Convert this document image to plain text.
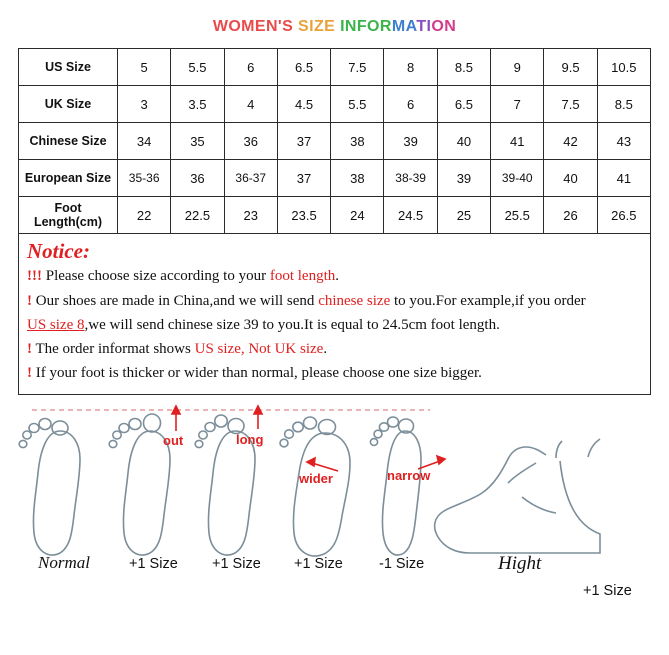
WOMEN'S SIZE INFORMATION
US Size	5	5.5	6	6.5	7.5	8	8.5	9	9.5	10.5
UK Size	3	3.5	4	4.5	5.5	6	6.5	7	7.5	8.5
Chinese Size	34	35	36	37	38	39	40	41	42	43
European Size	35-36	36	36-37	37	38	38-39	39	39-40	40	41

Foot
Length(cm)	22	22.5	23	23.5	24	24.5	25	25.5	26	26.5
Notice:
!!! Please choose size according to your foot length.
! Our shoes are made in China,and we will send chinese size to you.For example,if you order
US size 8,we will send chinese size 39 to you.It is equal to 24.5cm foot length.
! The order informat shows US size, Not UK size.
! If your foot is thicker or wider than normal, please choose one size bigger.
out	long
wider	narrow
Normal	+1 Size +1 Size +1 Size -1 Size	Hight
+1 Size
